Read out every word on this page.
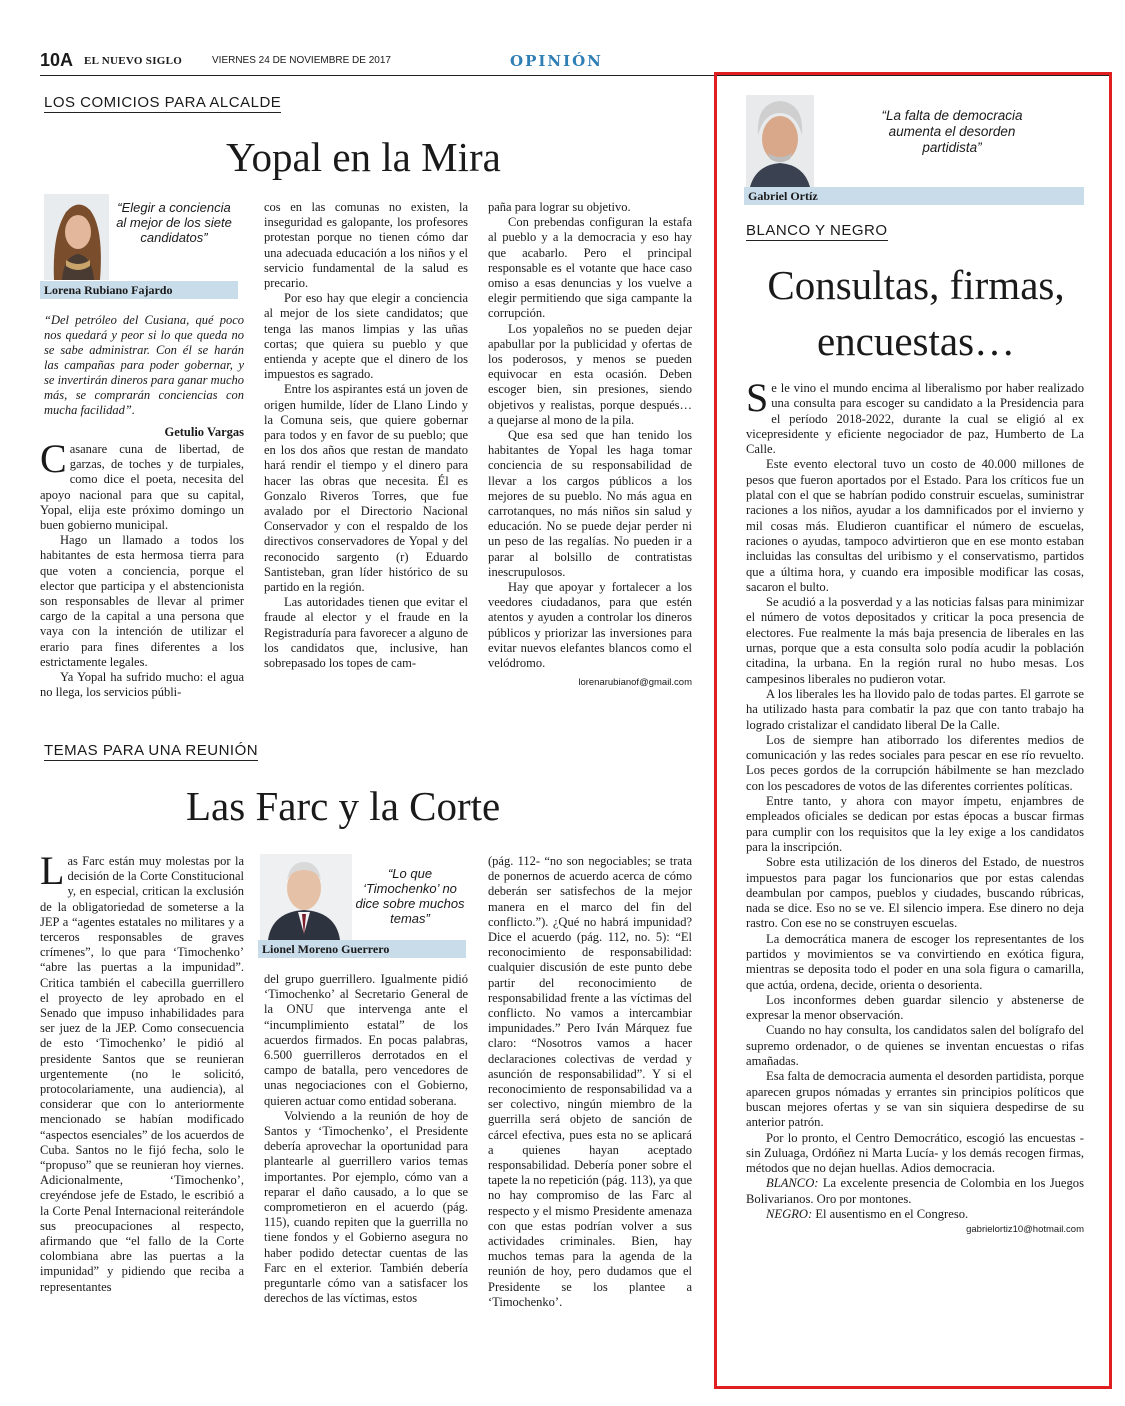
10A EL NUEVO SIGLO	VIERNES 24 DE NOVIEMBRE DE 2017	OPINIÓN
LOS COMICIOS PARA ALCALDE
Yopal en la Mira
“Elegir a conciencia al mejor de los siete candidatos”
Lorena Rubiano Fajardo
“Del petróleo del Cusiana, qué poco nos quedará y peor si lo que queda no se sabe administrar. Con él se harán las campañas para poder gobernar, y se invertirán dineros para ganar mucho más, se comprarán conciencias con mucha facilidad”.
Getulio Vargas

Casanare cuna de libertad, de garzas, de toches y de turpiales, como dice el poeta, necesita del apoyo nacional para que su capital, Yopal, elija este próximo domingo un buen gobierno municipal.

Hago un llamado a todos los habitantes de esta hermosa tierra para que voten a conciencia, porque el elector que participa y el abstencionista son responsables de llevar al primer cargo de la capital a una persona que vaya con la intención de utilizar el erario para fines diferentes a los estrictamente legales.

Ya Yopal ha sufrido mucho: el agua no llega, los servicios públi-

cos en las comunas no existen, la inseguridad es galopante, los profesores protestan porque no tienen cómo dar una adecuada educación a los niños y el servicio fundamental de la salud es precario.

Por eso hay que elegir a conciencia al mejor de los siete candidatos; que tenga las manos limpias y las uñas cortas; que quiera su pueblo y que entienda y acepte que el dinero de los impuestos es sagrado.

Entre los aspirantes está un joven de origen humilde, líder de Llano Lindo y la Comuna seis, que quiere gobernar para todos y en favor de su pueblo; que en los dos años que restan de mandato hará rendir el tiempo y el dinero para hacer las obras que necesita. Él es Gonzalo Riveros Torres, que fue avalado por el Directorio Nacional Conservador y con el respaldo de los directivos conservadores de Yopal y del reconocido sargento (r) Eduardo Santisteban, gran líder histórico de su partido en la región.

Las autoridades tienen que evitar el fraude al elector y el fraude en la Registraduría para favorecer a alguno de los candidatos que, inclusive, han sobrepasado los topes de cam-

paña para lograr su objetivo.

Con prebendas configuran la estafa al pueblo y a la democracia y eso hay que acabarlo. Pero el principal responsable es el votante que hace caso omiso a esas denuncias y los vuelve a elegir permitiendo que siga campante la corrupción.

Los yopaleños no se pueden dejar apabullar por la publicidad y ofertas de los poderosos, y menos se pueden equivocar en esta ocasión. Deben escoger bien, sin presiones, siendo objetivos y realistas, porque después… a quejarse al mono de la pila.

Que esa sed que han tenido los habitantes de Yopal les haga tomar conciencia de su responsabilidad de llevar a los cargos públicos a los mejores de su pueblo. No más agua en carrotanques, no más niños sin salud y educación. No se puede dejar perder ni un peso de las regalías. No pueden ir a parar al bolsillo de contratistas inescrupulosos.

Hay que apoyar y fortalecer a los veedores ciudadanos, para que estén atentos y ayuden a controlar los dineros públicos y priorizar las inversiones para evitar nuevos elefantes blancos como el velódromo.

lorenarubianof@gmail.com

TEMAS PARA UNA REUNIÓN
Las Farc y la Corte

Las Farc están muy molestas por la decisión de la Corte Constitucional y, en especial, critican la exclusión de la obligatoriedad de someterse a la JEP a “agentes estatales no militares y a terceros responsables de graves crímenes”, lo que para ‘Timochenko’ “abre las puertas a la impunidad”. Critica también el cabecilla guerrillero el proyecto de ley aprobado en el Senado que impuso inhabilidades para ser juez de la JEP. Como consecuencia de esto ‘Timochenko’ le pidió al presidente Santos que se reunieran urgentemente (no le solicitó, protocolariamente, una audiencia), al considerar que con lo anteriormente mencionado se habían modificado “aspectos esenciales” de los acuerdos de Cuba. Santos no le fijó fecha, solo le “propuso” que se reunieran hoy viernes. Adicionalmente, ‘Timochenko’, creyéndose jefe de Estado, le escribió a la Corte Penal Internacional reiterándole sus preocupaciones al respecto, afirmando que “el fallo de la Corte colombiana abre las puertas a la impunidad” y pidiendo que reciba a representantes

“Lo que ‘Timochenko’ no dice sobre muchos temas”
Lionel Moreno Guerrero

del grupo guerrillero. Igualmente pidió ‘Timochenko’ al Secretario General de la ONU que intervenga ante el “incumplimiento estatal” de los acuerdos firmados. En pocas palabras, 6.500 guerrilleros derrotados en el campo de batalla, pero vencedores de unas negociaciones con el Gobierno, quieren actuar como entidad soberana.

Volviendo a la reunión de hoy de Santos y ‘Timochenko’, el Presidente debería aprovechar la oportunidad para plantearle al guerrillero varios temas importantes. Por ejemplo, cómo van a reparar el daño causado, a lo que se comprometieron en el acuerdo (pág. 115), cuando repiten que la guerrilla no tiene fondos y el Gobierno asegura no haber podido detectar cuentas de las Farc en el exterior. También debería preguntarle cómo van a satisfacer los derechos de las víctimas, estos

(pág. 112- “no son negociables; se trata de ponernos de acuerdo acerca de cómo deberán ser satisfechos de la mejor manera en el marco del fin del conflicto.”). ¿Qué no habrá impunidad? Dice el acuerdo (pág. 112, no. 5): “El reconocimiento de responsabilidad: cualquier discusión de este punto debe partir del reconocimiento de responsabilidad frente a las víctimas del conflicto. No vamos a intercambiar impunidades.” Pero Iván Márquez fue claro: “Nosotros vamos a hacer declaraciones colectivas de verdad y asunción de responsabilidad”. Y si el reconocimiento de responsabilidad va a ser colectivo, ningún miembro de la guerrilla será objeto de sanción de cárcel efectiva, pues esta no se aplicará a quienes hayan aceptado responsabilidad. Debería poner sobre el tapete la no repetición (pág. 113), ya que no hay compromiso de las Farc al respecto y el mismo Presidente amenaza con que estas podrían volver a sus actividades criminales. Bien, hay muchos temas para la agenda de la reunión de hoy, pero dudamos que el Presidente se los plantee a ‘Timochenko’.

“La falta de democracia aumenta el desorden partidista”
Gabriel Ortíz
BLANCO Y NEGRO
Consultas, firmas,
encuestas…

Se le vino el mundo encima al liberalismo por haber realizado una consulta para escoger su candidato a la Presidencia para el período 2018-2022, durante la cual se eligió al ex vicepresidente y eficiente negociador de paz, Humberto de La Calle.

Este evento electoral tuvo un costo de 40.000 millones de pesos que fueron aportados por el Estado. Para los críticos fue un platal con el que se habrían podido construir escuelas, suministrar raciones a los niños, ayudar a los damnificados por el invierno y mil cosas más. Eludieron cuantificar el número de escuelas, raciones o ayudas, tampoco advirtieron que en ese monto estaban incluidas las consultas del uribismo y el conservatismo, partidos que a última hora, y cuando era imposible modificar las cosas, sacaron el bulto.

Se acudió a la posverdad y a las noticias falsas para minimizar el número de votos depositados y criticar la poca presencia de electores. Fue realmente la más baja presencia de liberales en las urnas, porque que a esta consulta solo podía acudir la población citadina, la urbana. En la región rural no hubo mesas. Los campesinos liberales no pudieron votar.

A los liberales les ha llovido palo de todas partes. El garrote se ha utilizado hasta para combatir la paz que con tanto trabajo ha logrado cristalizar el candidato liberal De la Calle.

Los de siempre han atiborrado los diferentes medios de comunicación y las redes sociales para pescar en ese río revuelto. Los peces gordos de la corrupción hábilmente se han mezclado con los pescadores de votos de las diferentes corrientes políticas.

Entre tanto, y ahora con mayor ímpetu, enjambres de empleados oficiales se dedican por estas épocas a buscar firmas para cumplir con los requisitos que la ley exige a los candidatos para la inscripción.

Sobre esta utilización de los dineros del Estado, de nuestros impuestos para pagar los funcionarios que por estas calendas deambulan por campos, pueblos y ciudades, buscando rúbricas, nada se dice. Eso no se ve. El silencio impera. Ese dinero no deja rastro. Con ese no se construyen escuelas.

La democrática manera de escoger los representantes de los partidos y movimientos se va convirtiendo en exótica figura, mientras se deposita todo el poder en una sola figura o camarilla, que actúa, ordena, decide, orienta o desorienta.

Los inconformes deben guardar silencio y abstenerse de expresar la menor observación.

Cuando no hay consulta, los candidatos salen del bolígrafo del supremo ordenador, o de quienes se inventan encuestas o rifas amañadas.

Esa falta de democracia aumenta el desorden partidista, porque aparecen grupos nómadas y errantes sin principios políticos que buscan mejores ofertas y se van sin siquiera despedirse de su anterior patrón.

Por lo pronto, el Centro Democrático, escogió las encuestas -sin Zuluaga, Ordóñez ni Marta Lucía- y los demás recogen firmas, métodos que no dejan huellas. Adios democracia.

BLANCO: La excelente presencia de Colombia en los Juegos Bolivarianos. Oro por montones.

NEGRO: El ausentismo en el Congreso.

gabrielortiz10@hotmail.com
